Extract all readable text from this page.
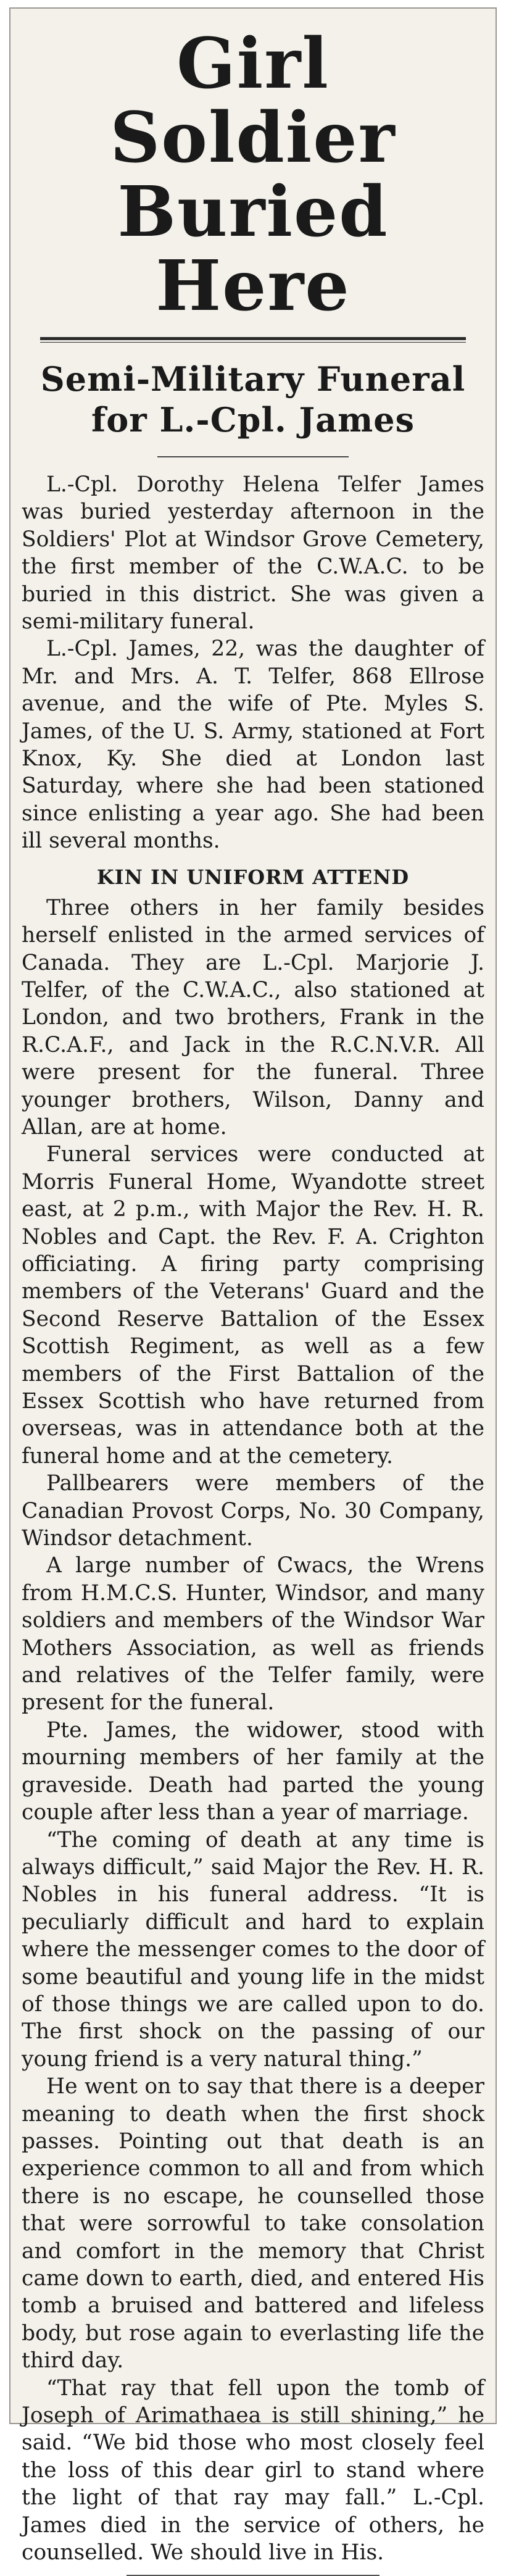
Girl Soldier
Buried Here
Semi-Military Funeral
for L.-Cpl. James

L.-Cpl. Dorothy Helena Telfer James was buried yesterday afternoon in the Soldiers' Plot at Windsor Grove Cemetery, the first member of the C.W.A.C. to be buried in this district. She was given a semi-military funeral.

L.-Cpl. James, 22, was the daughter of Mr. and Mrs. A. T. Telfer, 868 Ellrose avenue, and the wife of Pte. Myles S. James, of the U. S. Army, stationed at Fort Knox, Ky. She died at London last Saturday, where she had been stationed since enlisting a year ago. She had been ill several months.

KIN IN UNIFORM ATTEND

Three others in her family besides herself enlisted in the armed services of Canada. They are L.-Cpl. Marjorie J. Telfer, of the C.W.A.C., also stationed at London, and two brothers, Frank in the R.C.A.F., and Jack in the R.C.N.V.R. All were present for the funeral. Three younger brothers, Wilson, Danny and Allan, are at home.

Funeral services were conducted at Morris Funeral Home, Wyandotte street east, at 2 p.m., with Major the Rev. H. R. Nobles and Capt. the Rev. F. A. Crighton officiating. A firing party comprising members of the Veterans' Guard and the Second Reserve Battalion of the Essex Scottish Regiment, as well as a few members of the First Battalion of the Essex Scottish who have returned from overseas, was in attendance both at the funeral home and at the cemetery.

Pallbearers were members of the Canadian Provost Corps, No. 30 Company, Windsor detachment.

A large number of Cwacs, the Wrens from H.M.C.S. Hunter, Windsor, and many soldiers and members of the Windsor War Mothers Association, as well as friends and relatives of the Telfer family, were present for the funeral.

Pte. James, the widower, stood with mourning members of her family at the graveside. Death had parted the young couple after less than a year of marriage.

“The coming of death at any time is always difficult,” said Major the Rev. H. R. Nobles in his funeral address. “It is peculiarly difficult and hard to explain where the messenger comes to the door of some beautiful and young life in the midst of those things we are called upon to do. The first shock on the passing of our young friend is a very natural thing.”

He went on to say that there is a deeper meaning to death when the first shock passes. Pointing out that death is an experience common to all and from which there is no escape, he counselled those that were sorrowful to take consolation and comfort in the memory that Christ came down to earth, died, and entered His tomb a bruised and battered and lifeless body, but rose again to everlasting life the third day.

“That ray that fell upon the tomb of Joseph of Arimathaea is still shining,” he said. “We bid those who most closely feel the loss of this dear girl to stand where the light of that ray may fall.” L.-Cpl. James died in the service of others, he counselled. We should live in His.
